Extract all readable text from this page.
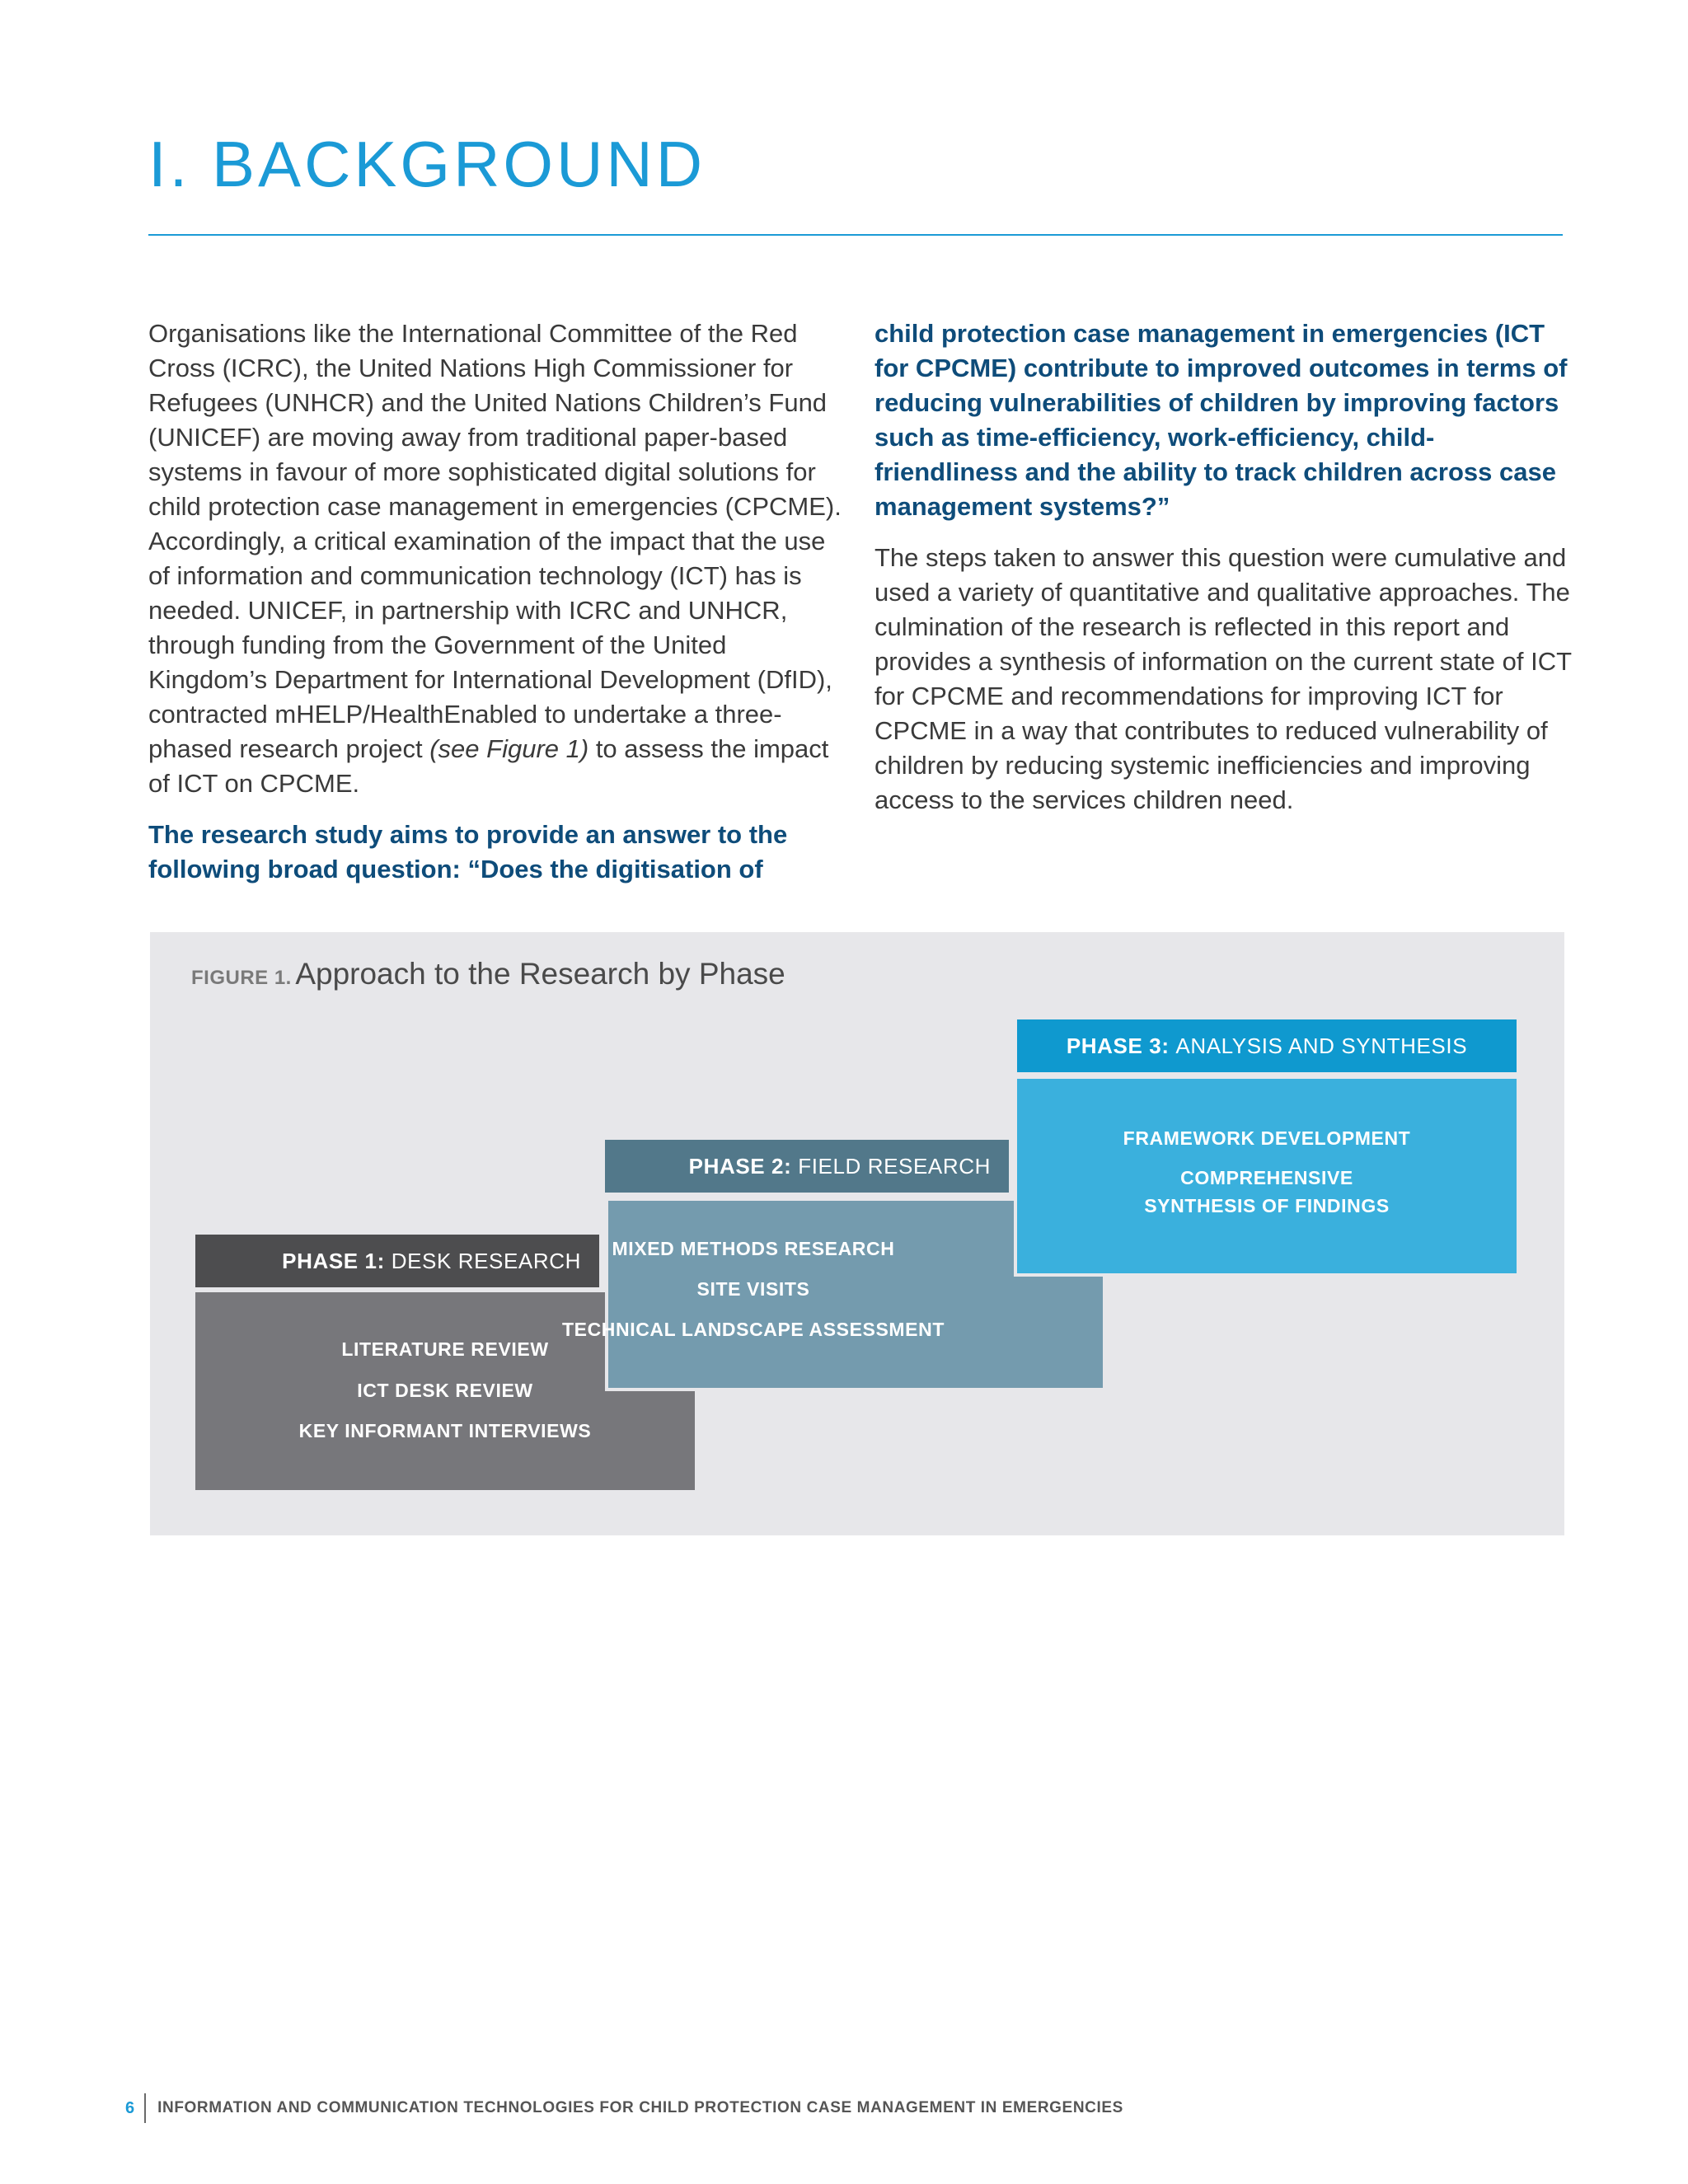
I. BACKGROUND

Organisations like the International Committee of the Red Cross (ICRC), the United Nations High Commissioner for Refugees (UNHCR) and the United Nations Children’s Fund (UNICEF) are moving away from traditional paper-based systems in favour of more sophisticated digital solutions for child protection case management in emergencies (CPCME). Accordingly, a critical examination of the impact that the use of information and communication technology (ICT) has is needed. UNICEF, in partnership with ICRC and UNHCR, through funding from the Government of the United Kingdom’s Department for International Development (DfID), contracted mHELP/HealthEnabled to undertake a three-phased research project (see Figure 1) to assess the impact of ICT on CPCME.

The research study aims to provide an answer to the following broad question: “Does the digitisation of

child protection case management in emergencies (ICT for CPCME) contribute to improved outcomes in terms of reducing vulnerabilities of children by improving factors such as time-efficiency, work-efficiency, child-friendliness and the ability to track children across case management systems?”

The steps taken to answer this question were cumulative and used a variety of quantitative and qualitative approaches. The culmination of the research is reflected in this report and provides a synthesis of information on the current state of ICT for CPCME and recommendations for improving ICT for CPCME in a way that contributes to reduced vulnerability of children by reducing systemic inefficiencies and improving access to the services children need.

FIGURE 1. Approach to the Research by Phase
LITERATURE REVIEW
ICT DESK REVIEW
KEY INFORMANT INTERVIEWS
PHASE 1:
DESK RESEARCH	MIXED METHODS RESEARCH
SITE VISITS
TECHNICAL LANDSCAPE ASSESSMENT
PHASE 2:
FIELD RESEARCH
FRAMEWORK DEVELOPMENT
COMPREHENSIVE
SYNTHESIS OF FINDINGS
PHASE 3:
ANALYSIS AND SYNTHESIS
6 INFORMATION AND COMMUNICATION TECHNOLOGIES FOR CHILD PROTECTION CASE MANAGEMENT IN EMERGENCIES
